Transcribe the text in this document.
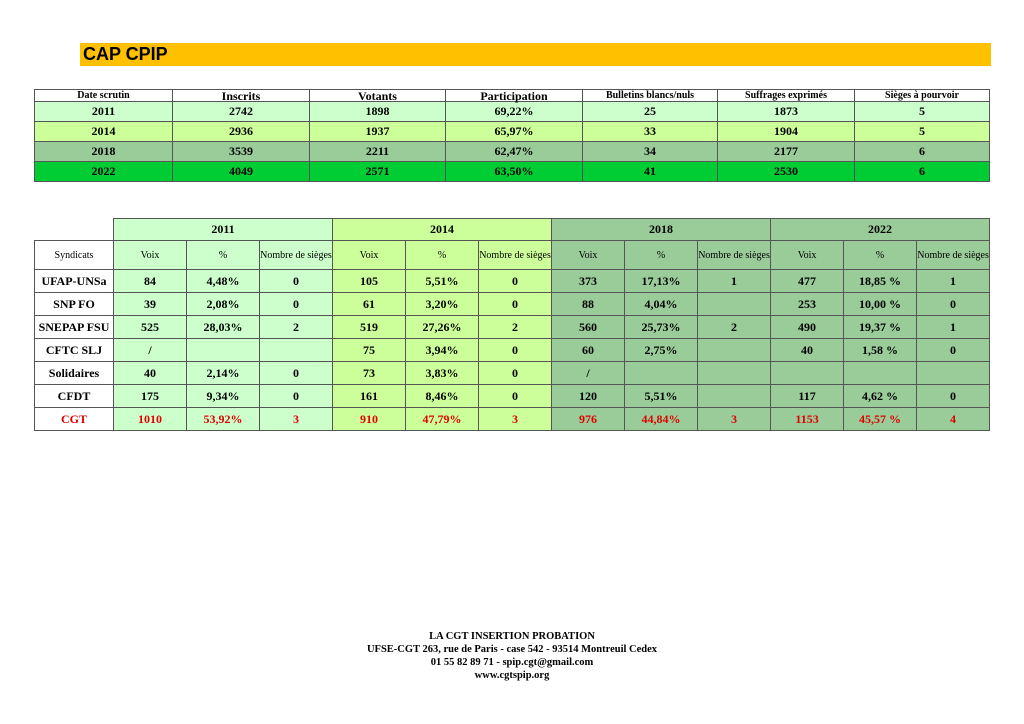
CAP CPIP
Date scrutin	Inscrits	Votants	Participation	Bulletins blancs/nuls	Suffrages exprimés	Sièges à pourvoir
2011	2742	1898	69,22%	25	1873	5
2014	2936	1937	65,97%	33	1904	5
2018	3539	2211	62,47%	34	2177	6
2022	4049	2571	63,50%	41	2530	6
	2011			2014			2018			2022		
Syndicats	Voix	%	Nombre de sièges	Voix	%	Nombre de sièges	Voix	%	Nombre de sièges	Voix	%	Nombre de sièges
UFAP-UNSa	84	4,48%	0	105	5,51%	0	373	17,13%	1	477	18,85 %	1
SNP FO	39	2,08%	0	61	3,20%	0	88	4,04%		253	10,00 %	0
SNEPAP FSU	525	28,03%	2	519	27,26%	2	560	25,73%	2	490	19,37 %	1
CFTC SLJ	/			75	3,94%	0	60	2,75%		40	1,58 %	0
Solidaires	40	2,14%	0	73	3,83%	0	/					
CFDT	175	9,34%	0	161	8,46%	0	120	5,51%		117	4,62 %	0
CGT	1010	53,92%	3	910	47,79%	3	976	44,84%	3	1153	45,57 %	4
LA CGT INSERTION PROBATION
UFSE-CGT 263, rue de Paris - case 542 - 93514 Montreuil Cedex
01 55 82 89 71 - spip.cgt@gmail.com
www.cgtspip.org
